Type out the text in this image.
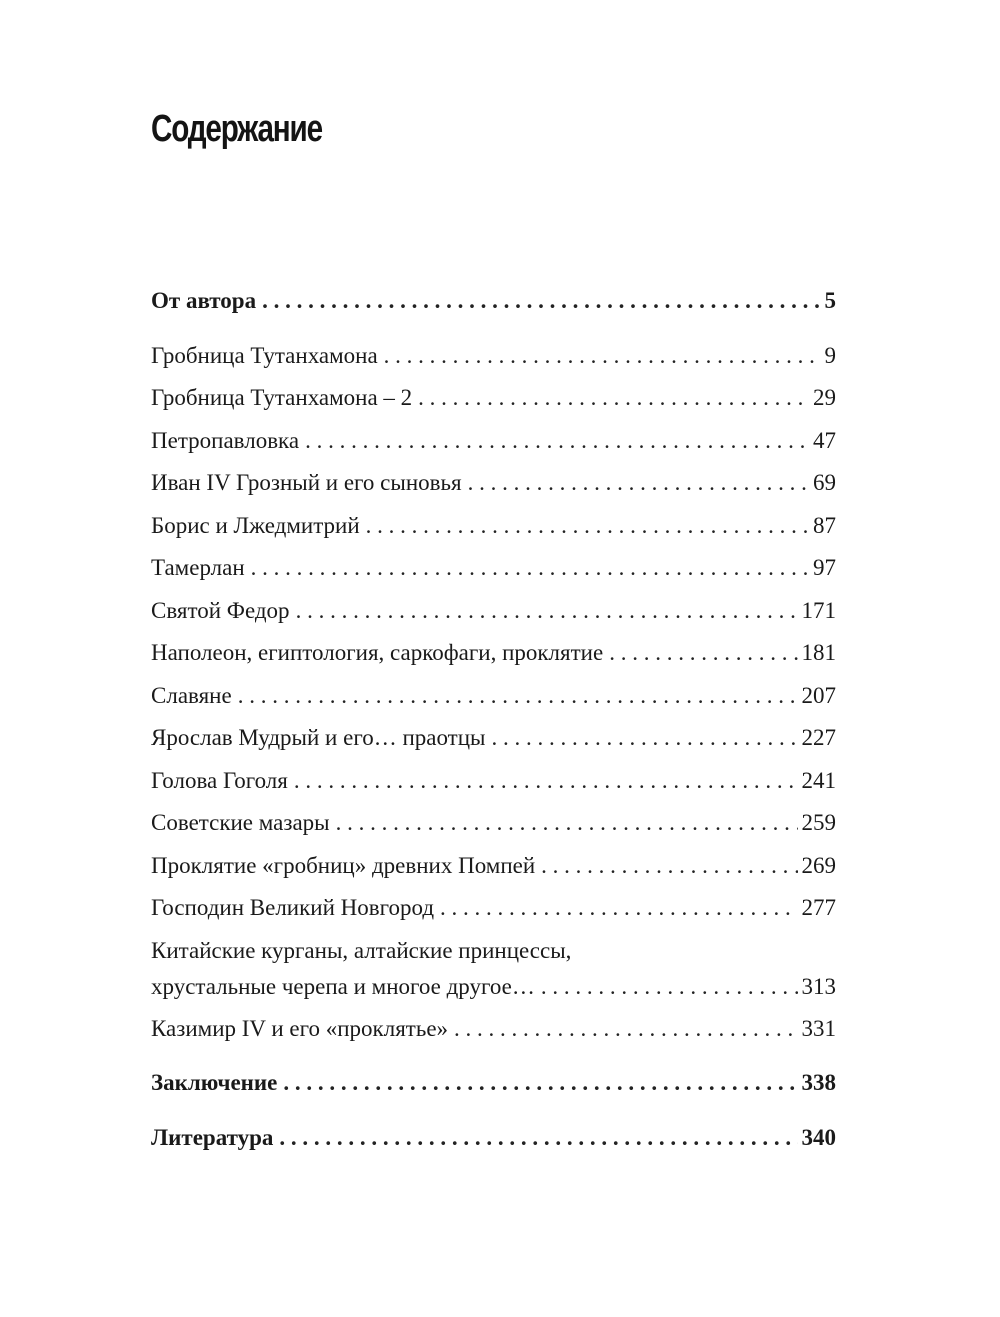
Содержание
От автора . . .	5
Гробница Тутанхамона . . .	9
Гробница Тутанхамона – 2 . . .	29
Петропавловка . . .	47
Иван IV Грозный и его сыновья . . .	69
Борис и Лжедмитрий . . .	87
Тамерлан . . .	97
Святой Федор . . .	171
Наполеон, египтология, саркофаги, проклятие . . .	181
Славяне . . .	207
Ярослав Мудрый и его… праотцы . . .	227
Голова Гоголя . . .	241
Советские мазары . . .	259
Проклятие «гробниц» древних Помпей . . .	269
Господин Великий Новгород . . .	277
Китайские курганы, алтайские принцессы,
хрустальные черепа и многое другое… . . .	313
Казимир IV и его «проклятье» . . .	331
Заключение . . .	338
Литература . . .	340
